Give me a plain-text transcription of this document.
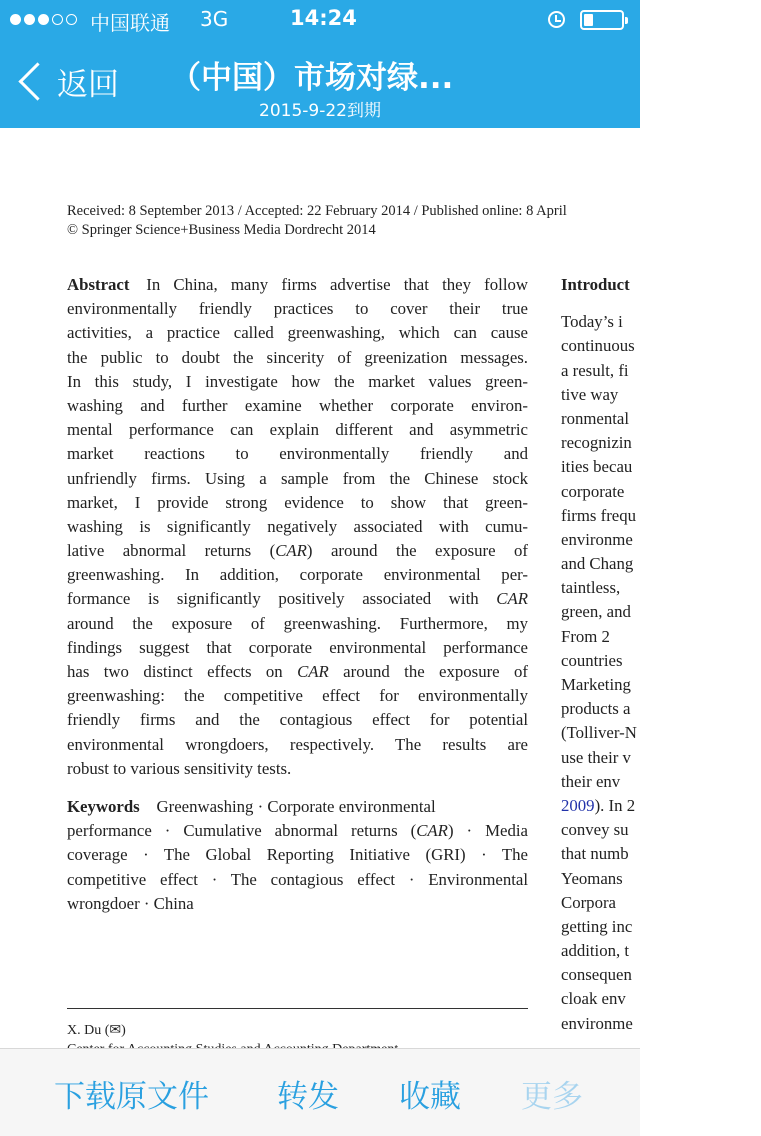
中国联通 3G	14:24
返回 （中国）市场对绿...
2015-9-22到期
Received: 8 September 2013 / Accepted: 22 February 2014 / Published online: 8 April
© Springer Science+Business Media Dordrecht 2014
Abstract  In China, many firms advertise that they follow
environmentally friendly practices to cover their true
activities, a practice called greenwashing, which can cause
the public to doubt the sincerity of greenization messages.
In this study, I investigate how the market values green-
washing and further examine whether corporate environ-
mental performance can explain different and asymmetric
market reactions to environmentally friendly and
unfriendly firms. Using a sample from the Chinese stock
market, I provide strong evidence to show that green-
washing is significantly negatively associated with cumu-
lative abnormal returns (CAR) around the exposure of
greenwashing. In addition, corporate environmental per-
formance is significantly positively associated with CAR
around the exposure of greenwashing. Furthermore, my
findings suggest that corporate environmental performance
has two distinct effects on CAR around the exposure of
greenwashing: the competitive effect for environmentally
friendly firms and the contagious effect for potential
environmental wrongdoers, respectively. The results are
robust to various sensitivity tests.
Keywords  Greenwashing · Corporate environmental
performance · Cumulative abnormal returns (CAR) · Media
coverage · The Global Reporting Initiative (GRI) · The
competitive effect · The contagious effect · Environmental
wrongdoer · China
X. Du (✉)
Introduct
Today’s i
continuous
a result, fi
tive way
ronmental
recognizin
ities becau
corporate
firms frequ
environme
and Chang
taintless,
green, and
From 2
countries
Marketing
products a
(Tolliver-N
use their v
their env
2009). In 2
convey su
that numb
Yeomans
Corpora
getting inc
addition, t
consequen
cloak env
environme
下载原文件 转发 收藏 更多
